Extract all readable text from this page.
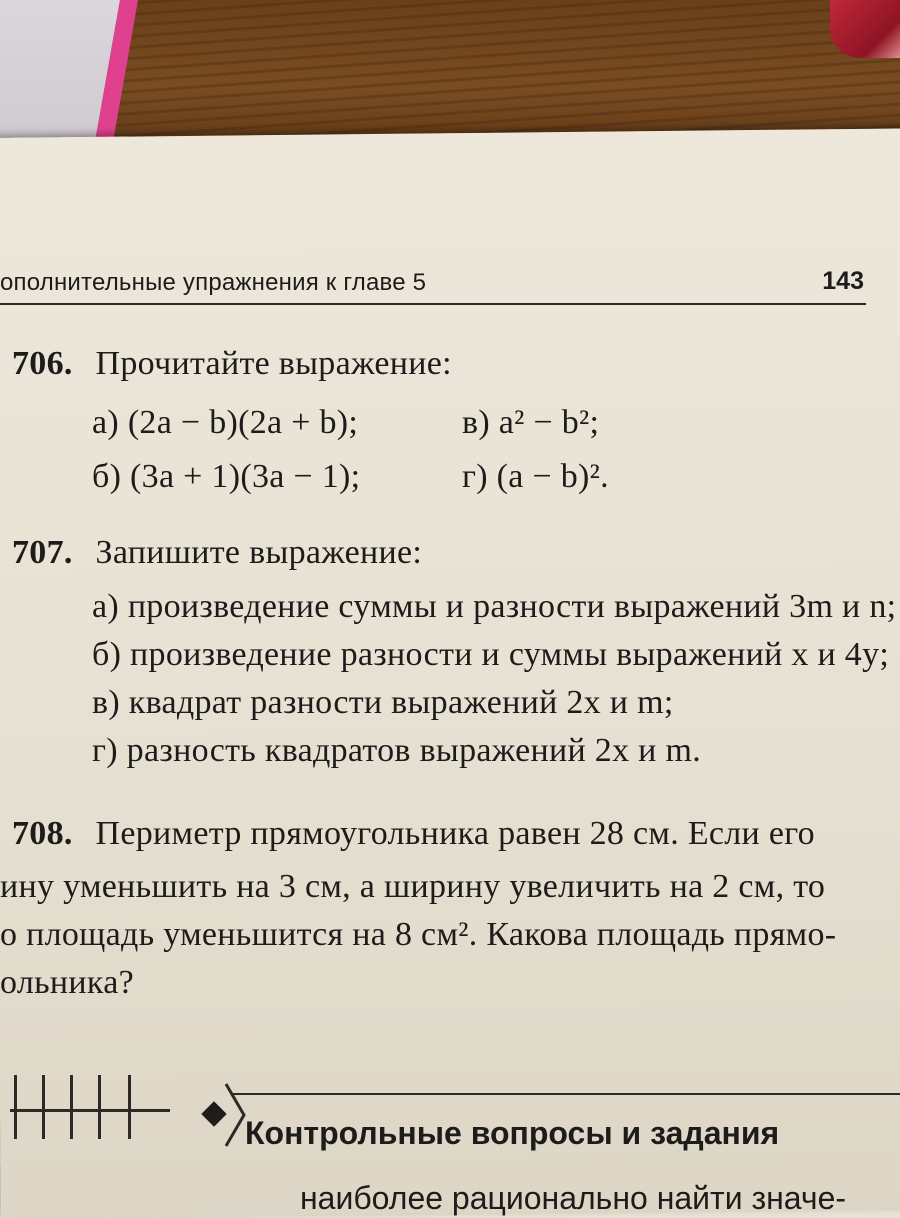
ополнительные упражнения к главе 5	143
706. Прочитайте выражение:
а) (2a − b)(2a + b);	в) a² − b²;
б) (3a + 1)(3a − 1);	г) (a − b)².
707. Запишите выражение:
а) произведение суммы и разности выражений 3m и n;
б) произведение разности и суммы выражений x и 4y;
в) квадрат разности выражений 2x и m;
г) разность квадратов выражений 2x и m.
708. Периметр прямоугольника равен 28 см. Если его
ину уменьшить на 3 см, а ширину увеличить на 2 см, то
о площадь уменьшится на 8 см². Какова площадь прямо-
ольника?
Контрольные вопросы и задания
наиболее рационально найти значе-
